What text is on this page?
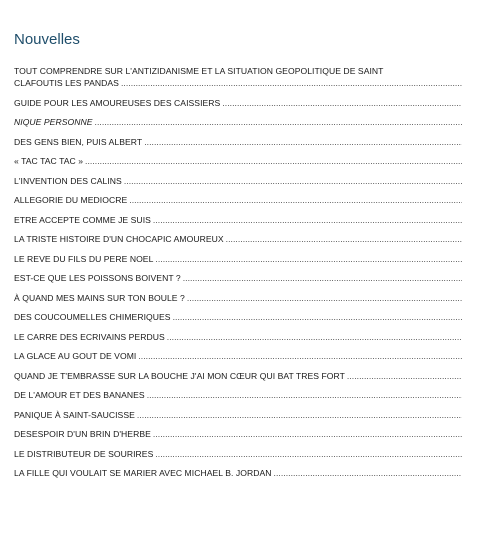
Nouvelles
TOUT COMPRENDRE SUR L'ANTIZIDANISME ET LA SITUATION GEOPOLITIQUE DE SAINT
CLAFOUTIS LES PANDAS
.....
GUIDE POUR LES AMOUREUSES DES CAISSIERS
.....
NIQUE PERSONNE
.....
DES GENS BIEN, PUIS ALBERT
.....
« TAC TAC TAC »
.....
L'INVENTION DES CALINS
.....
ALLEGORIE DU MEDIOCRE
.....
ETRE ACCEPTE COMME JE SUIS
.....
LA TRISTE HISTOIRE D'UN CHOCAPIC AMOUREUX
.....
LE REVE DU FILS DU PERE NOEL
.....
EST-CE QUE LES POISSONS BOIVENT ?
.....
À QUAND MES MAINS SUR TON BOULE ?
.....
DES COUCOUMELLES CHIMERIQUES
.....
LE CARRE DES ECRIVAINS PERDUS
.....
LA GLACE AU GOUT DE VOMI
.....
QUAND JE T'EMBRASSE SUR LA BOUCHE J'AI MON CŒUR QUI BAT TRES FORT
.....
DE L'AMOUR ET DES BANANES
.....
PANIQUE À SAINT-SAUCISSE
.....
DESESPOIR D'UN BRIN D'HERBE
.....
LE DISTRIBUTEUR DE SOURIRES
.....
LA FILLE QUI VOULAIT SE MARIER AVEC MICHAEL B. JORDAN
.....
